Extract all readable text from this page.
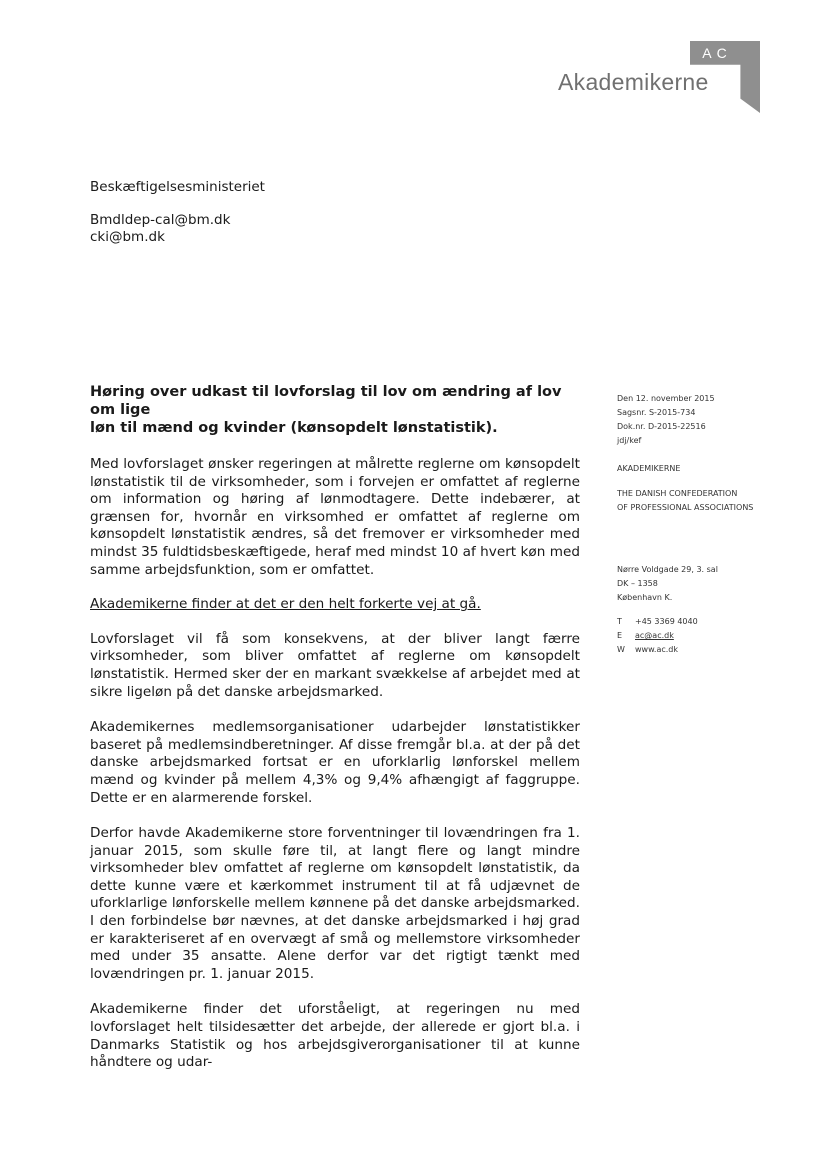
AC
Akademikerne
Beskæftigelsesministeriet
Bmdldep-cal@bm.dk
cki@bm.dk

Høring over udkast til lovforslag til lov om ændring af lov om lige
løn til mænd og kvinder (kønsopdelt lønstatistik).

Med lovforslaget ønsker regeringen at målrette reglerne om kønsopdelt lønstatistik til de virksomheder, som i forvejen er omfattet af reglerne om information og høring af lønmodtagere. Dette indebærer, at grænsen for, hvornår en virksomhed er omfattet af reglerne om kønsopdelt lønstatistik ændres, så det fremover er virksomheder med mindst 35 fuldtidsbeskæftigede, heraf med mindst 10 af hvert køn med samme arbejdsfunktion, som er omfattet.

Akademikerne finder at det er den helt forkerte vej at gå.

Lovforslaget vil få som konsekvens, at der bliver langt færre virksomheder, som bliver omfattet af reglerne om kønsopdelt lønstatistik. Hermed sker der en markant svækkelse af arbejdet med at sikre ligeløn på det danske arbejdsmarked.

Akademikernes medlemsorganisationer udarbejder lønstatistikker baseret på medlemsindberetninger. Af disse fremgår bl.a. at der på det danske arbejdsmarked fortsat er en uforklarlig lønforskel mellem mænd og kvinder på mellem 4,3% og 9,4% afhængigt af faggruppe. Dette er en alarmerende forskel.

Derfor havde Akademikerne store forventninger til lovændringen fra 1. januar 2015, som skulle føre til, at langt flere og langt mindre virksomheder blev omfattet af reglerne om kønsopdelt lønstatistik, da dette kunne være et kærkommet instrument til at få udjævnet de uforklarlige lønforskelle mellem kønnene på det danske arbejdsmarked. I den forbindelse bør nævnes, at det danske arbejdsmarked i høj grad er karakteriseret af en overvægt af små og mellemstore virksomheder med under 35 ansatte. Alene derfor var det rigtigt tænkt med lovændringen pr. 1. januar 2015.

Akademikerne finder det uforståeligt, at regeringen nu med lovforslaget helt tilsidesætter det arbejde, der allerede er gjort bl.a. i Danmarks Statistik og hos arbejdsgiverorganisationer til at kunne håndtere og udar-

Den 12. november 2015
Sagsnr. S-2015-734
Dok.nr. D-2015-22516
jdj/kef
AKADEMIKERNE
THE DANISH CONFEDERATION
OF PROFESSIONAL ASSOCIATIONS
Nørre Voldgade 29, 3. sal
DK – 1358
København K.
T +45 3369 4040
E ac@ac.dk
W www.ac.dk
